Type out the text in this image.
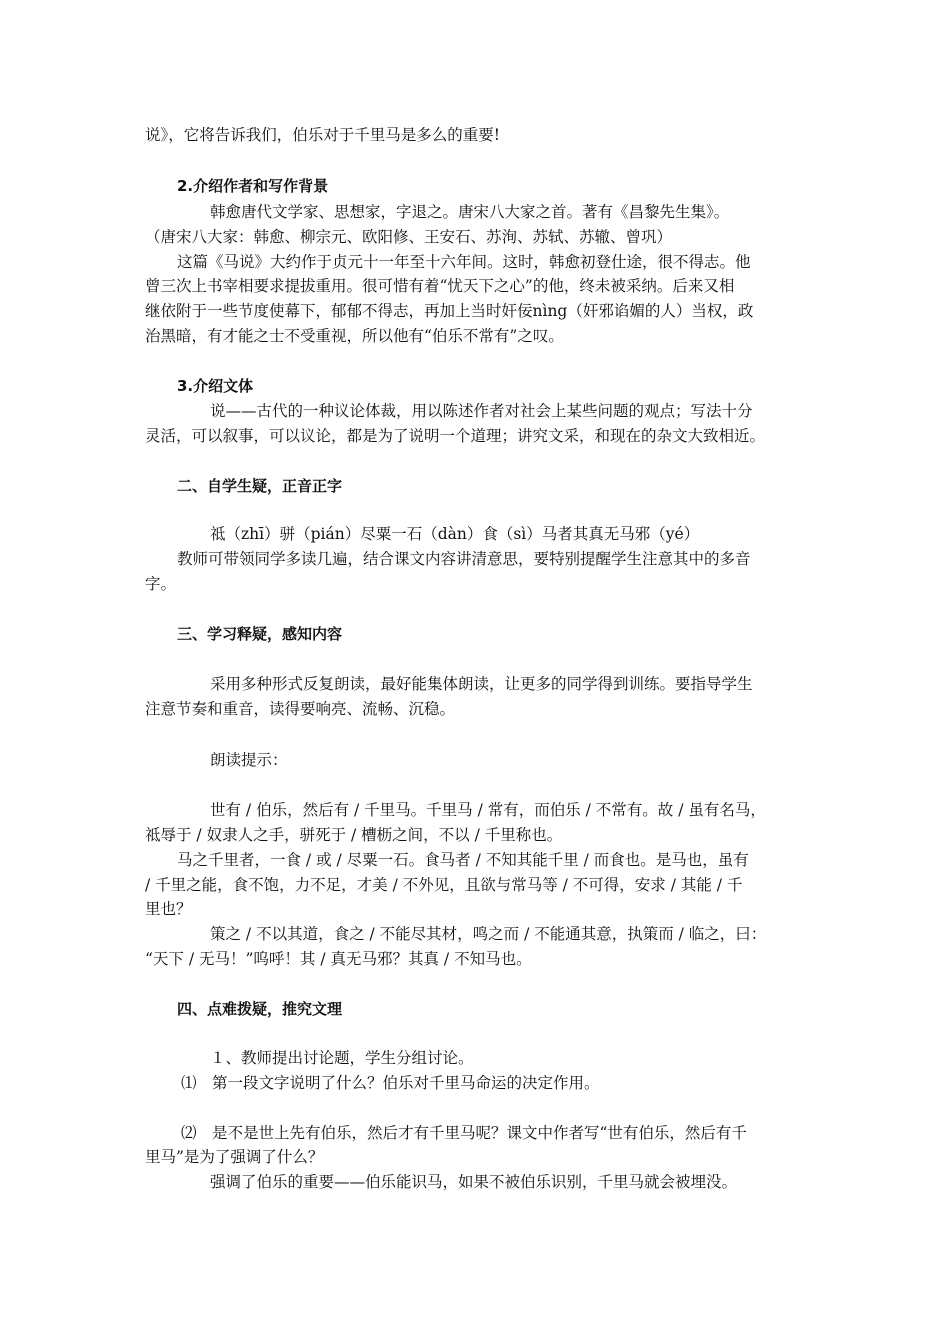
说》，它将告诉我们，伯乐对于千里马是多么的重要!
2.介绍作者和写作背景
韩愈唐代文学家、思想家，字退之。唐宋八大家之首。著有《昌黎先生集》。
（唐宋八大家：韩愈、柳宗元、欧阳修、王安石、苏洵、苏轼、苏辙、曾巩）
这篇《马说》大约作于贞元十一年至十六年间。这时，韩愈初登仕途，很不得志。他
曾三次上书宰相要求提拔重用。很可惜有着“忧天下之心”的他，终未被采纳。后来又相
继依附于一些节度使幕下，郁郁不得志，再加上当时奸佞nìng（奸邪谄媚的人）当权，政
治黑暗，有才能之士不受重视，所以他有“伯乐不常有”之叹。
3.介绍文体
说——古代的一种议论体裁，用以陈述作者对社会上某些问题的观点；写法十分
灵活，可以叙事，可以议论，都是为了说明一个道理；讲究文采，和现在的杂文大致相近。
二、自学生疑，正音正字
祗（zhī）骈（pián）尽粟一石（dàn）食（sì）马者其真无马邪（yé）
教师可带领同学多读几遍，结合课文内容讲清意思，要特别提醒学生注意其中的多音
字。
三、学习释疑，感知内容
采用多种形式反复朗读，最好能集体朗读，让更多的同学得到训练。要指导学生
注意节奏和重音，读得要响亮、流畅、沉稳。
朗读提示：
世有 / 伯乐，然后有 / 千里马。千里马 / 常有，而伯乐 / 不常有。故 / 虽有名马，
祗辱于 / 奴隶人之手，骈死于 / 槽枥之间，不以 / 千里称也。
马之千里者，一食 / 或 / 尽粟一石。食马者 / 不知其能千里 / 而食也。是马也，虽有
/ 千里之能，食不饱，力不足，才美 / 不外见，且欲与常马等 / 不可得，安求 / 其能 / 千
里也？
策之 / 不以其道，食之 / 不能尽其材，鸣之而 / 不能通其意，执策而 / 临之，曰：
“天下 / 无马！”呜呼！其 / 真无马邪？其真 / 不知马也。
四、点难拨疑，推究文理
１、教师提出讨论题，学生分组讨论。
⑴　第一段文字说明了什么？伯乐对千里马命运的决定作用。
⑵　是不是世上先有伯乐，然后才有千里马呢？课文中作者写“世有伯乐，然后有千
里马”是为了强调了什么？
强调了伯乐的重要——伯乐能识马，如果不被伯乐识别，千里马就会被埋没。
